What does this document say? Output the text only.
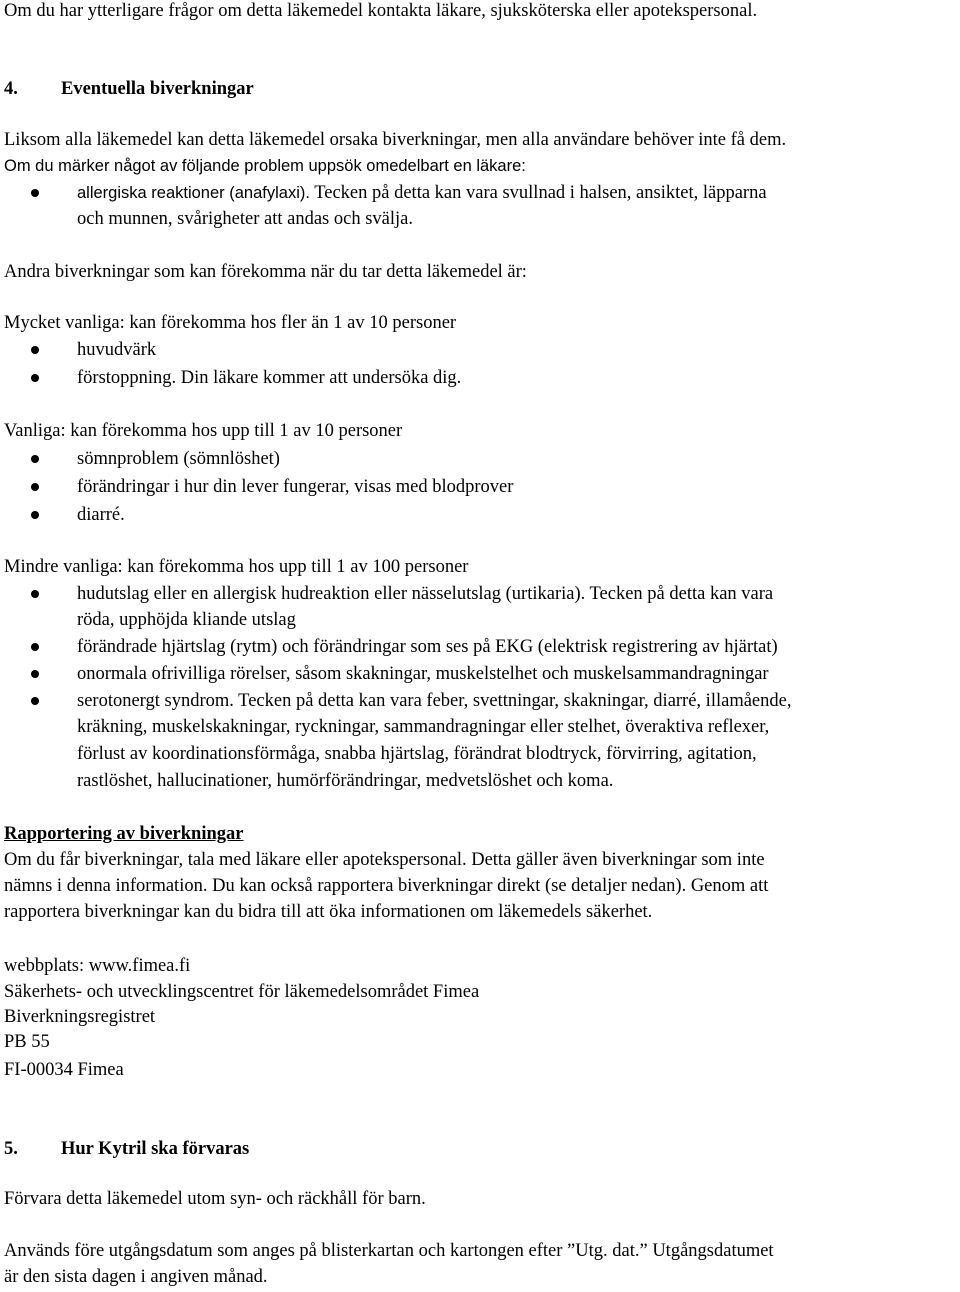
Om du har ytterligare frågor om detta läkemedel kontakta läkare, sjuksköterska eller apotekspersonal.
4. Eventuella biverkningar
Liksom alla läkemedel kan detta läkemedel orsaka biverkningar, men alla användare behöver inte få dem.
Om du märker något av följande problem uppsök omedelbart en läkare:
allergiska reaktioner (anafylaxi). Tecken på detta kan vara svullnad i halsen, ansiktet, läpparna
och munnen, svårigheter att andas och svälja.
Andra biverkningar som kan förekomma när du tar detta läkemedel är:
Mycket vanliga: kan förekomma hos fler än 1 av 10 personer
huvudvärk
förstoppning. Din läkare kommer att undersöka dig.
Vanliga: kan förekomma hos upp till 1 av 10 personer
sömnproblem (sömnlöshet)
förändringar i hur din lever fungerar, visas med blodprover
diarré.
Mindre vanliga: kan förekomma hos upp till 1 av 100 personer
hudutslag eller en allergisk hudreaktion eller nässelutslag (urtikaria). Tecken på detta kan vara
röda, upphöjda kliande utslag
förändrade hjärtslag (rytm) och förändringar som ses på EKG (elektrisk registrering av hjärtat)
onormala ofrivilliga rörelser, såsom skakningar, muskelstelhet och muskelsammandragningar
serotonergt syndrom. Tecken på detta kan vara feber, svettningar, skakningar, diarré, illamående,
kräkning, muskelskakningar, ryckningar, sammandragningar eller stelhet, överaktiva reflexer,
förlust av koordinationsförmåga, snabba hjärtslag, förändrat blodtryck, förvirring, agitation,
rastlöshet, hallucinationer, humörförändringar, medvetslöshet och koma.
Rapportering av biverkningar
Om du får biverkningar, tala med läkare eller apotekspersonal. Detta gäller även biverkningar som inte
nämns i denna information. Du kan också rapportera biverkningar direkt (se detaljer nedan). Genom att
rapportera biverkningar kan du bidra till att öka informationen om läkemedels säkerhet.
webbplats: www.fimea.fi
Säkerhets- och utvecklingscentret för läkemedelsområdet Fimea
Biverkningsregistret
PB 55
FI-00034 Fimea
5. Hur Kytril ska förvaras
Förvara detta läkemedel utom syn- och räckhåll för barn.
Används före utgångsdatum som anges på blisterkartan och kartongen efter ”Utg. dat.” Utgångsdatumet
är den sista dagen i angiven månad.
